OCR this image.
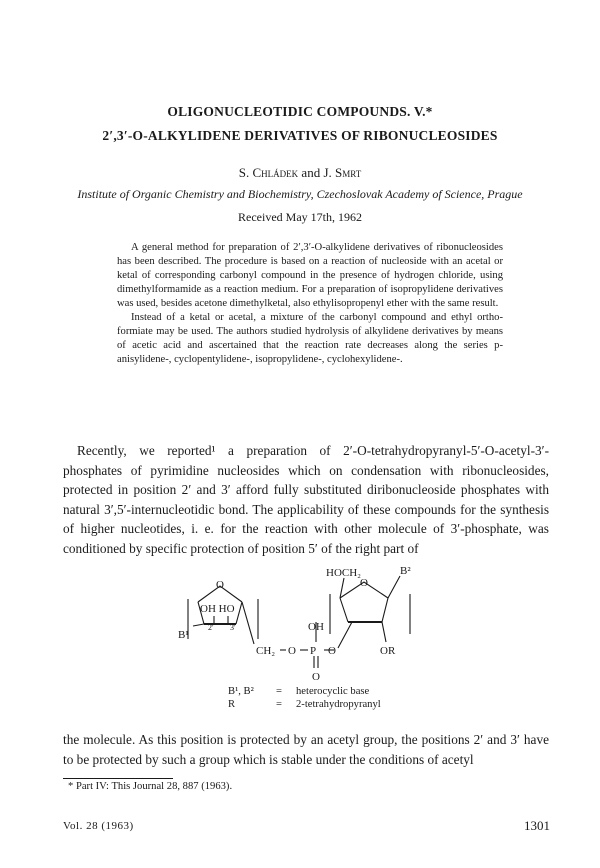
OLIGONUCLEOTIDIC COMPOUNDS. V.*
2′,3′-O-ALKYLIDENE DERIVATIVES OF RIBONUCLEOSIDES
S. Chládek and J. Smrt
Institute of Organic Chemistry and Biochemistry, Czechoslovak Academy of Science, Prague
Received May 17th, 1962

A general method for preparation of 2′,3′-O-alkylidene derivatives of ribonucleosides has been described. The procedure is based on a reaction of nucleoside with an acetal or ketal of corresponding carbonyl compound in the presence of hydrogen chloride, using dimethylformamide as a reaction medium. For a preparation of isopropylidene derivatives was used, besides acetone dimethylketal, also ethylisopropenyl ether with the same result.

Instead of a ketal or acetal, a mixture of the carbonyl compound and ethyl ortho-formiate may be used. The authors studied hydrolysis of alkylidene derivatives by means of acetic acid and ascertained that the reaction rate decreases along the series p-anisylidene-, cyclopentylidene-, isopropylidene-, cyclohexylidene-.

Recently, we reported¹ a preparation of 2′-O-tetrahydropyranyl-5′-O-acetyl-3′-phosphates of pyrimidine nucleosides which on condensation with ribonucleosides, protected in position 2′ and 3′ afford fully substituted diribonucleoside phosphates with natural 3′,5′-internucleotidic bond. The applicability of these compounds for the synthesis of higher nucleotides, i. e. for the reaction with other molecule of 3′-phosphate, was conditioned by specific protection of position 5′ of the right part of

O
OH HO
2′ 3′
B¹
CH₂ O P O
OH
O
OR
HOCH₂	B²
O
B¹, B²	=	heterocyclic base
R	=	2-tetrahydropyranyl

the molecule. As this position is protected by an acetyl group, the positions 2′ and 3′ have to be protected by such a group which is stable under the conditions of acetyl

* Part IV: This Journal 28, 887 (1963).
Vol. 28 (1963)	1301
